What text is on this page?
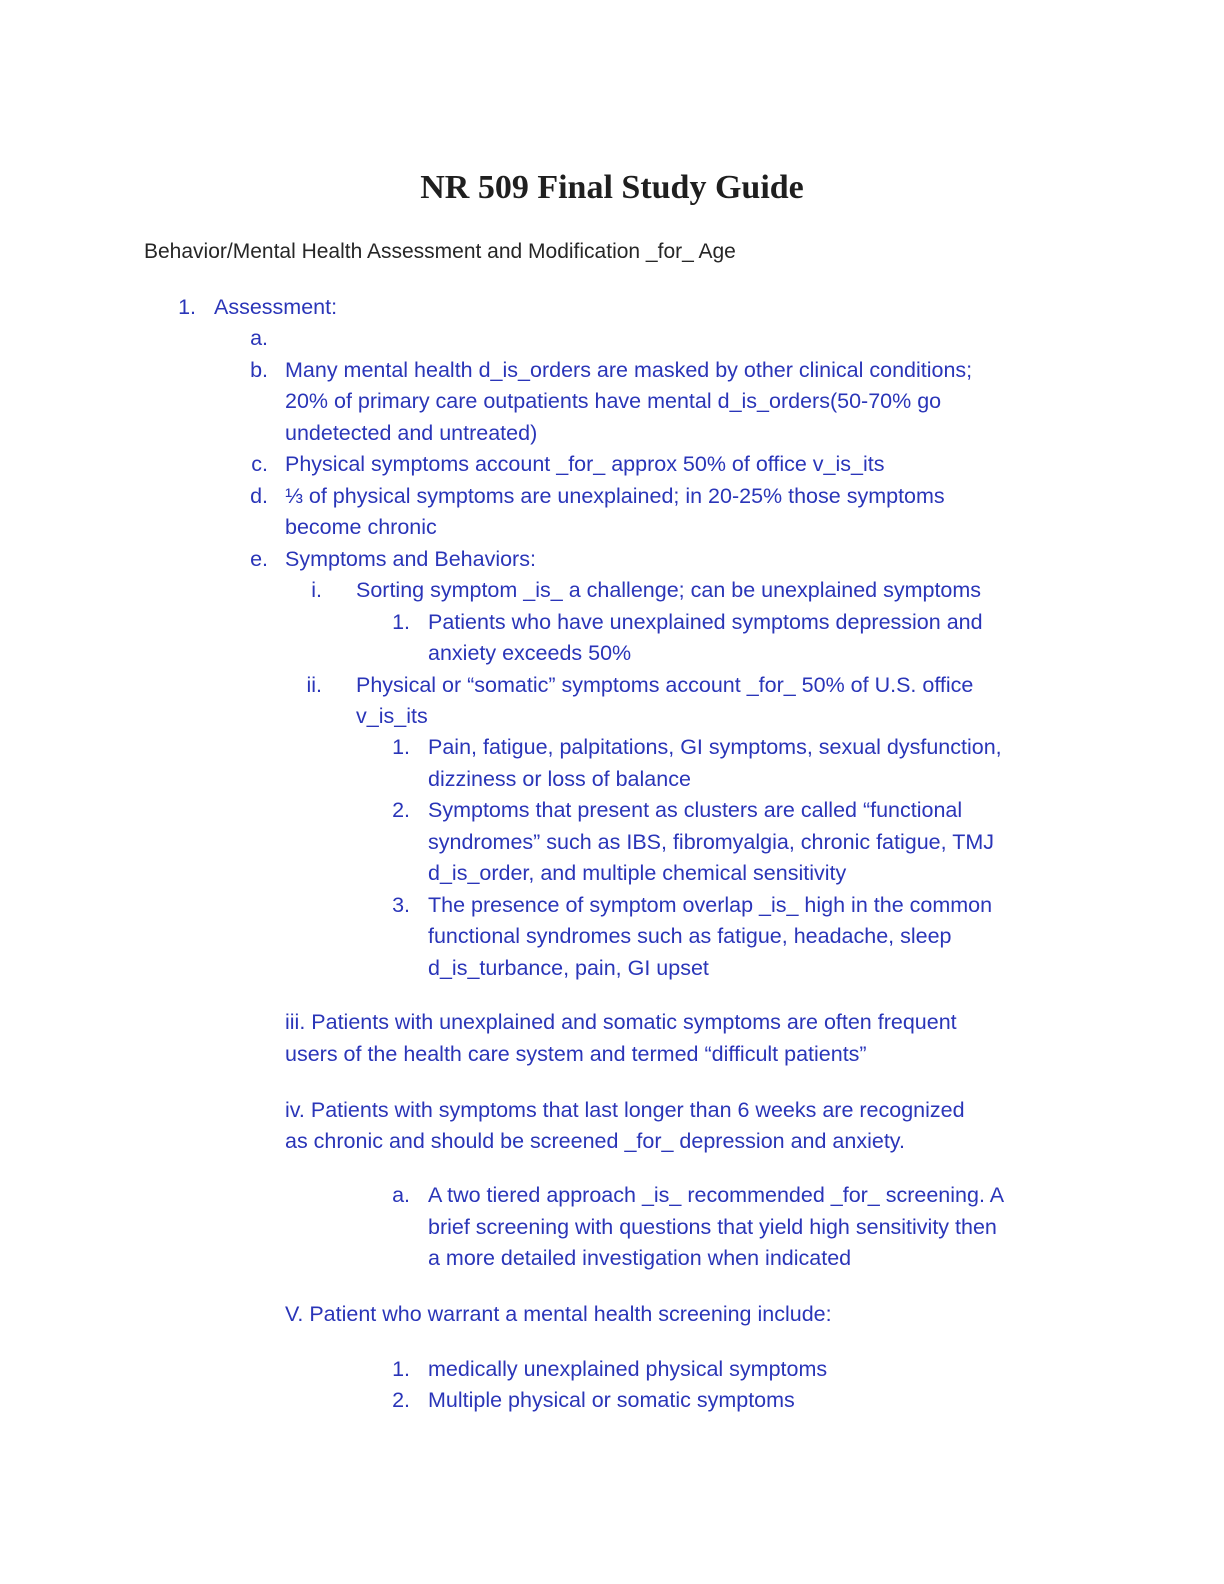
NR 509 Final Study Guide
Behavior/Mental Health Assessment and Modification _for_ Age
1. Assessment:
a.
b. Many mental health d_is_orders are masked by other clinical conditions;
20% of primary care outpatients have mental d_is_orders(50-70% go
undetected and untreated)
c. Physical symptoms account _for_ approx 50% of office v_is_its
d. ⅓ of physical symptoms are unexplained; in 20-25% those symptoms
become chronic
e. Symptoms and Behaviors:
i. Sorting symptom _is_ a challenge; can be unexplained symptoms
1. Patients who have unexplained symptoms depression and
anxiety exceeds 50%
ii. Physical or “somatic” symptoms account _for_ 50% of U.S. office
v_is_its
1. Pain, fatigue, palpitations, GI symptoms, sexual dysfunction,
dizziness or loss of balance
2. Symptoms that present as clusters are called “functional
syndromes” such as IBS, fibromyalgia, chronic fatigue, TMJ
d_is_order, and multiple chemical sensitivity
3. The presence of symptom overlap _is_ high in the common
functional syndromes such as fatigue, headache, sleep
d_is_turbance, pain, GI upset
iii. Patients with unexplained and somatic symptoms are often frequent
users of the health care system and termed “difficult patients”
iv. Patients with symptoms that last longer than 6 weeks are recognized
as chronic and should be screened _for_ depression and anxiety.
a. A two tiered approach _is_ recommended _for_ screening. A
brief screening with questions that yield high sensitivity then
a more detailed investigation when indicated
V. Patient who warrant a mental health screening include:
1. medically unexplained physical symptoms
2. Multiple physical or somatic symptoms
